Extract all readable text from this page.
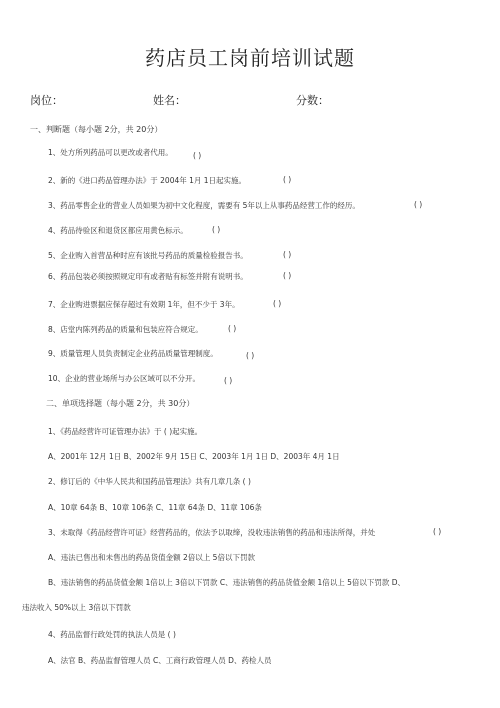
药店员工岗前培训试题
岗位：	姓名：	分数：
一、判断题（每小题 2分，共 20分）
1、处方所列药品可以更改或者代用。	( )
2、新的《进口药品管理办法》于 2004年 1月 1日起实施。	( )
3、药品零售企业的营业人员如果为初中文化程度，需要有 5年以上从事药品经营工作的经历。	( )
4、药品待验区和退货区都应用黄色标示。	( )
5、企业购入首营品种时应有该批号药品的质量检验报告书。	( )
6、药品包装必须按照规定印有或者贴有标签并附有说明书。	( )
7、企业购进票据应保存超过有效期 1年，但不少于 3年。	( )
8、店堂内陈列药品的质量和包装应符合规定。	( )
9、质量管理人员负责制定企业药品质量管理制度。	( )
10、企业的营业场所与办公区域可以不分开。	( )
二、单项选择题（每小题 2分，共 30分）
1、《药品经营许可证管理办法》于 ( )起实施。
A、2001年 12月 1日 B、2002年 9月 15日 C、2003年 1月 1日 D、2003年 4月 1日
2、修订后的《中华人民共和国药品管理法》共有几章几条 ( )
A、10章 64条 B、10章 106条 C、11章 64条 D、11章 106条
3、未取得《药品经营许可证》经营药品的，依法予以取缔，没收违法销售的药品和违法所得，并处	( )
A、违法已售出和未售出的药品货值金额 2倍以上 5倍以下罚款
B、违法销售的药品货值金额 1倍以上 3倍以下罚款 C、违法销售的药品货值金额 1倍以上 5倍以下罚款 D、
违法收入 50%以上 3倍以下罚款
4、药品监督行政处罚的执法人员是 ( )
A、法官 B、药品监督管理人员 C、工商行政管理人员 D、药检人员
